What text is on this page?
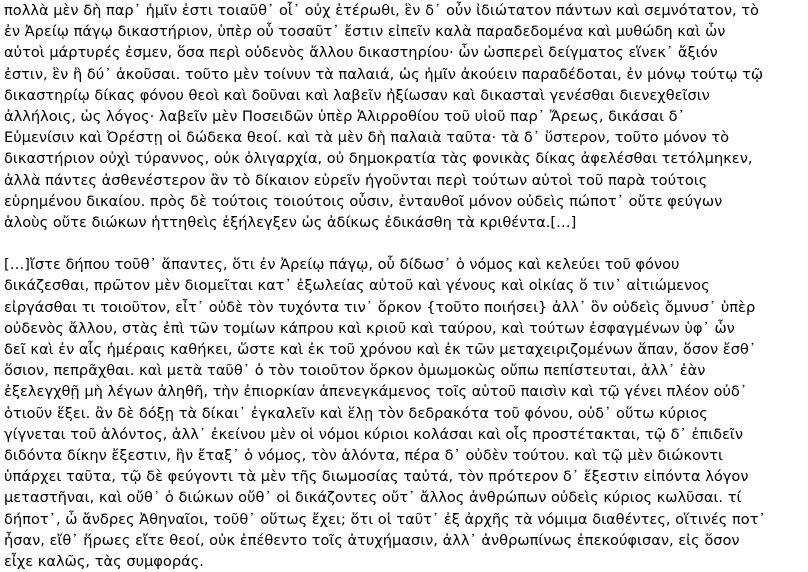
πολλὰ μὲν δὴ παρ᾽ ἡμῖν ἐστι τοιαῦθ᾽ οἷ᾽ οὐχ ἑτέρωθι, ἓν δ᾽ οὖν ἰδιώτατον πάντων καὶ σεμνότατον, τὸ
ἐν Ἀρείῳ πάγῳ δικαστήριον, ὑπὲρ οὗ τοσαῦτ᾽ ἔστιν εἰπεῖν καλὰ παραδεδομένα καὶ μυθώδη καὶ ὧν
αὐτοὶ μάρτυρές ἐσμεν, ὅσα περὶ οὐδενὸς ἄλλου δικαστηρίου· ὧν ὡσπερεὶ δείγματος εἵνεκ᾽ ἄξιόν
ἐστιν, ἓν ἢ δύ᾽ ἀκοῦσαι. τοῦτο μὲν τοίνυν τὰ παλαιά, ὡς ἡμῖν ἀκούειν παραδέδοται, ἐν μόνῳ τούτῳ τῷ
δικαστηρίῳ δίκας φόνου θεοὶ καὶ δοῦναι καὶ λαβεῖν ἠξίωσαν καὶ δικασταὶ γενέσθαι διενεχθεῖσιν
ἀλλήλοις, ὡς λόγος· λαβεῖν μὲν Ποσειδῶν ὑπὲρ Ἁλιρροθίου τοῦ υἱοῦ παρ᾽ Ἄρεως, δικάσαι δ᾽
Εὐμενίσιν καὶ Ὀρέστῃ οἱ δώδεκα θεοί. καὶ τὰ μὲν δὴ παλαιὰ ταῦτα· τὰ δ᾽ ὕστερον, τοῦτο μόνον τὸ
δικαστήριον οὐχὶ τύραννος, οὐκ ὀλιγαρχία, οὐ δημοκρατία τὰς φονικὰς δίκας ἀφελέσθαι τετόλμηκεν,
ἀλλὰ πάντες ἀσθενέστερον ἂν τὸ δίκαιον εὑρεῖν ἡγοῦνται περὶ τούτων αὐτοὶ τοῦ παρὰ τούτοις
εὑρημένου δικαίου. πρὸς δὲ τούτοις τοιούτοις οὖσιν, ἐνταυθοῖ μόνον οὐδεὶς πώποτ᾽ οὔτε φεύγων
ἁλοὺς οὔτε διώκων ἡττηθεὶς ἐξήλεγξεν ὡς ἀδίκως ἐδικάσθη τὰ κριθέντα.[…]
[…]ἴστε δήπου τοῦθ᾽ ἅπαντες, ὅτι ἐν Ἀρείῳ πάγῳ, οὗ δίδωσ᾽ ὁ νόμος καὶ κελεύει τοῦ φόνου
δικάζεσθαι, πρῶτον μὲν διομεῖται κατ᾽ ἐξωλείας αὑτοῦ καὶ γένους καὶ οἰκίας ὅ τιν᾽ αἰτιώμενος
εἰργάσθαι τι τοιοῦτον, εἶτ᾽ οὐδὲ τὸν τυχόντα τιν᾽ ὅρκον {τοῦτο ποιήσει} ἀλλ᾽ ὃν οὐδεὶς ὄμνυσ᾽ ὑπὲρ
οὐδενὸς ἄλλου, στὰς ἐπὶ τῶν τομίων κάπρου καὶ κριοῦ καὶ ταύρου, καὶ τούτων ἐσφαγμένων ὑφ᾽ ὧν
δεῖ καὶ ἐν αἷς ἡμέραις καθήκει, ὥστε καὶ ἐκ τοῦ χρόνου καὶ ἐκ τῶν μεταχειριζομένων ἅπαν, ὅσον ἔσθ᾽
ὅσιον, πεπρᾶχθαι. καὶ μετὰ ταῦθ᾽ ὁ τὸν τοιοῦτον ὅρκον ὀμωμοκὼς οὔπω πεπίστευται, ἀλλ᾽ ἐὰν
ἐξελεγχθῇ μὴ λέγων ἀληθῆ, τὴν ἐπιορκίαν ἀπενεγκάμενος τοῖς αὑτοῦ παισὶν καὶ τῷ γένει πλέον οὐδ᾽
ὁτιοῦν ἕξει. ἂν δὲ δόξῃ τὰ δίκαι᾽ ἐγκαλεῖν καὶ ἕλῃ τὸν δεδρακότα τοῦ φόνου, οὐδ᾽ οὕτω κύριος
γίγνεται τοῦ ἁλόντος, ἀλλ᾽ ἐκείνου μὲν οἱ νόμοι κύριοι κολάσαι καὶ οἷς προστέτακται, τῷ δ᾽ ἐπιδεῖν
διδόντα δίκην ἔξεστιν, ἣν ἔταξ᾽ ὁ νόμος, τὸν ἁλόντα, πέρα δ᾽ οὐδὲν τούτου. καὶ τῷ μὲν διώκοντι
ὑπάρχει ταῦτα, τῷ δὲ φεύγοντι τὰ μὲν τῆς διωμοσίας ταὐτά, τὸν πρότερον δ᾽ ἔξεστιν εἰπόντα λόγον
μεταστῆναι, καὶ οὔθ᾽ ὁ διώκων οὔθ᾽ οἱ δικάζοντες οὔτ᾽ ἄλλος ἀνθρώπων οὐδεὶς κύριος κωλῦσαι. τί
δήποτ᾽, ὦ ἄνδρες Ἀθηναῖοι, τοῦθ᾽ οὕτως ἔχει; ὅτι οἱ ταῦτ᾽ ἐξ ἀρχῆς τὰ νόμιμα διαθέντες, οἵτινές ποτ᾽
ἦσαν, εἴθ᾽ ἥρωες εἴτε θεοί, οὐκ ἐπέθεντο τοῖς ἀτυχήμασιν, ἀλλ᾽ ἀνθρωπίνως ἐπεκούφισαν, εἰς ὅσον
εἶχε καλῶς, τὰς συμφοράς.
